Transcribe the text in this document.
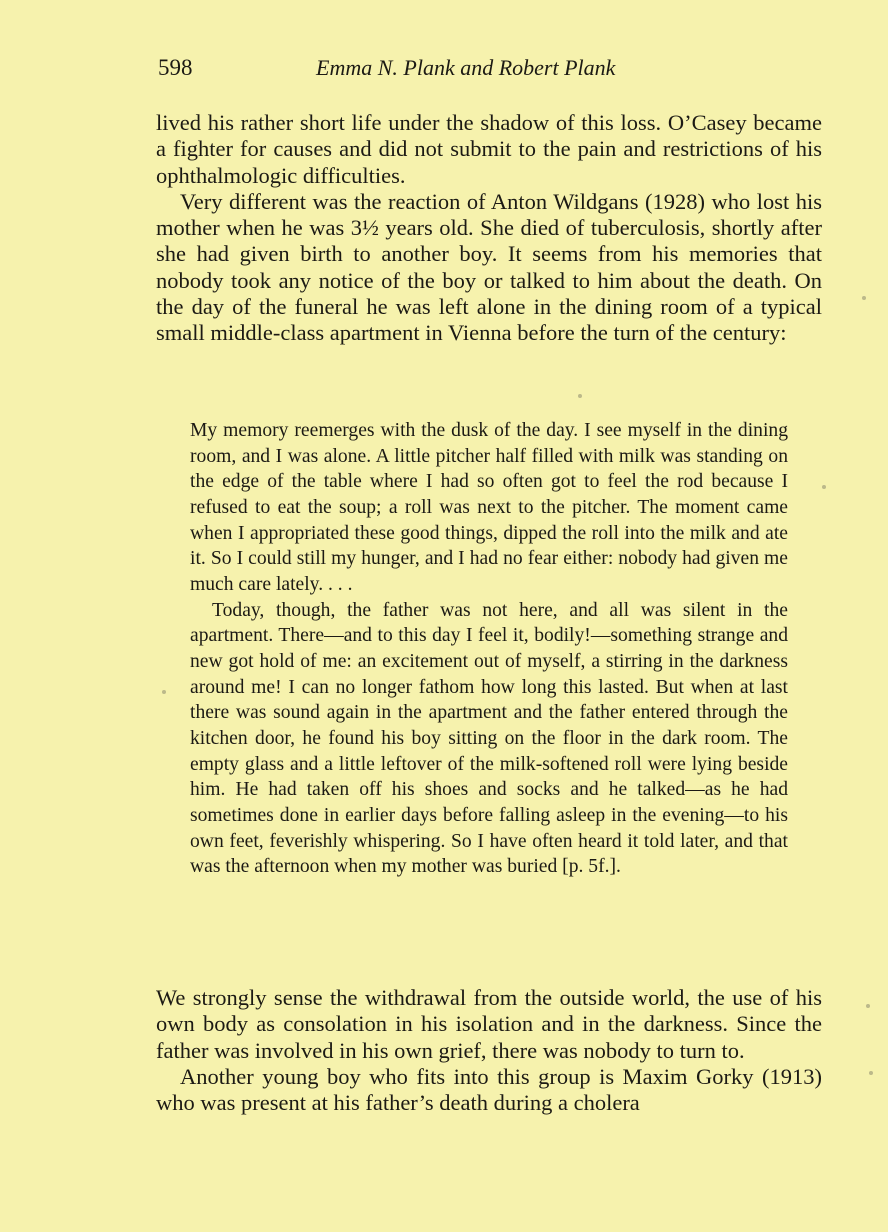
598	Emma N. Plank and Robert Plank

lived his rather short life under the shadow of this loss. O’Casey became a fighter for causes and did not submit to the pain and restrictions of his ophthalmologic difficulties.

Very different was the reaction of Anton Wildgans (1928) who lost his mother when he was 3½ years old. She died of tuberculosis, shortly after she had given birth to another boy. It seems from his memories that nobody took any notice of the boy or talked to him about the death. On the day of the funeral he was left alone in the dining room of a typical small middle-class apartment in Vienna before the turn of the century:

My memory reemerges with the dusk of the day. I see myself in the dining room, and I was alone. A little pitcher half filled with milk was standing on the edge of the table where I had so often got to feel the rod because I refused to eat the soup; a roll was next to the pitcher. The moment came when I appropriated these good things, dipped the roll into the milk and ate it. So I could still my hunger, and I had no fear either: nobody had given me much care lately. . . .

Today, though, the father was not here, and all was silent in the apartment. There—and to this day I feel it, bodily!—something strange and new got hold of me: an excitement out of myself, a stirring in the darkness around me! I can no longer fathom how long this lasted. But when at last there was sound again in the apartment and the father entered through the kitchen door, he found his boy sitting on the floor in the dark room. The empty glass and a little leftover of the milk-softened roll were lying beside him. He had taken off his shoes and socks and he talked—as he had sometimes done in earlier days before falling asleep in the evening—to his own feet, feverishly whispering. So I have often heard it told later, and that was the afternoon when my mother was buried [p. 5f.].

We strongly sense the withdrawal from the outside world, the use of his own body as consolation in his isolation and in the darkness. Since the father was involved in his own grief, there was nobody to turn to.

Another young boy who fits into this group is Maxim Gorky (1913) who was present at his father’s death during a cholera
